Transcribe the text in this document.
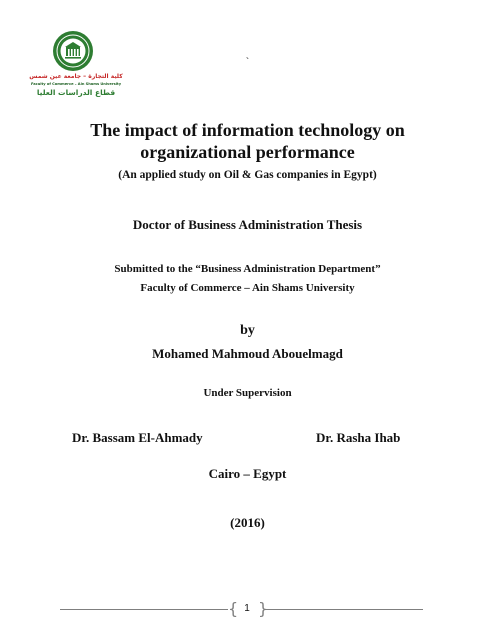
كلية التجارة – جامعة عين شمس
Faculty of Commerce – Ain Shams University
قطاع الدراسات العليا
`
The impact of information technology on
organizational performance
(An applied study on Oil & Gas companies in Egypt)
Doctor of Business Administration Thesis
Submitted to the “Business Administration Department”
Faculty of Commerce – Ain Shams University
by
Mohamed Mahmoud Abouelmagd
Under Supervision
Dr. Bassam El-Ahmady	Dr. Rasha Ihab
Cairo – Egypt
(2016)
{ 1 }
